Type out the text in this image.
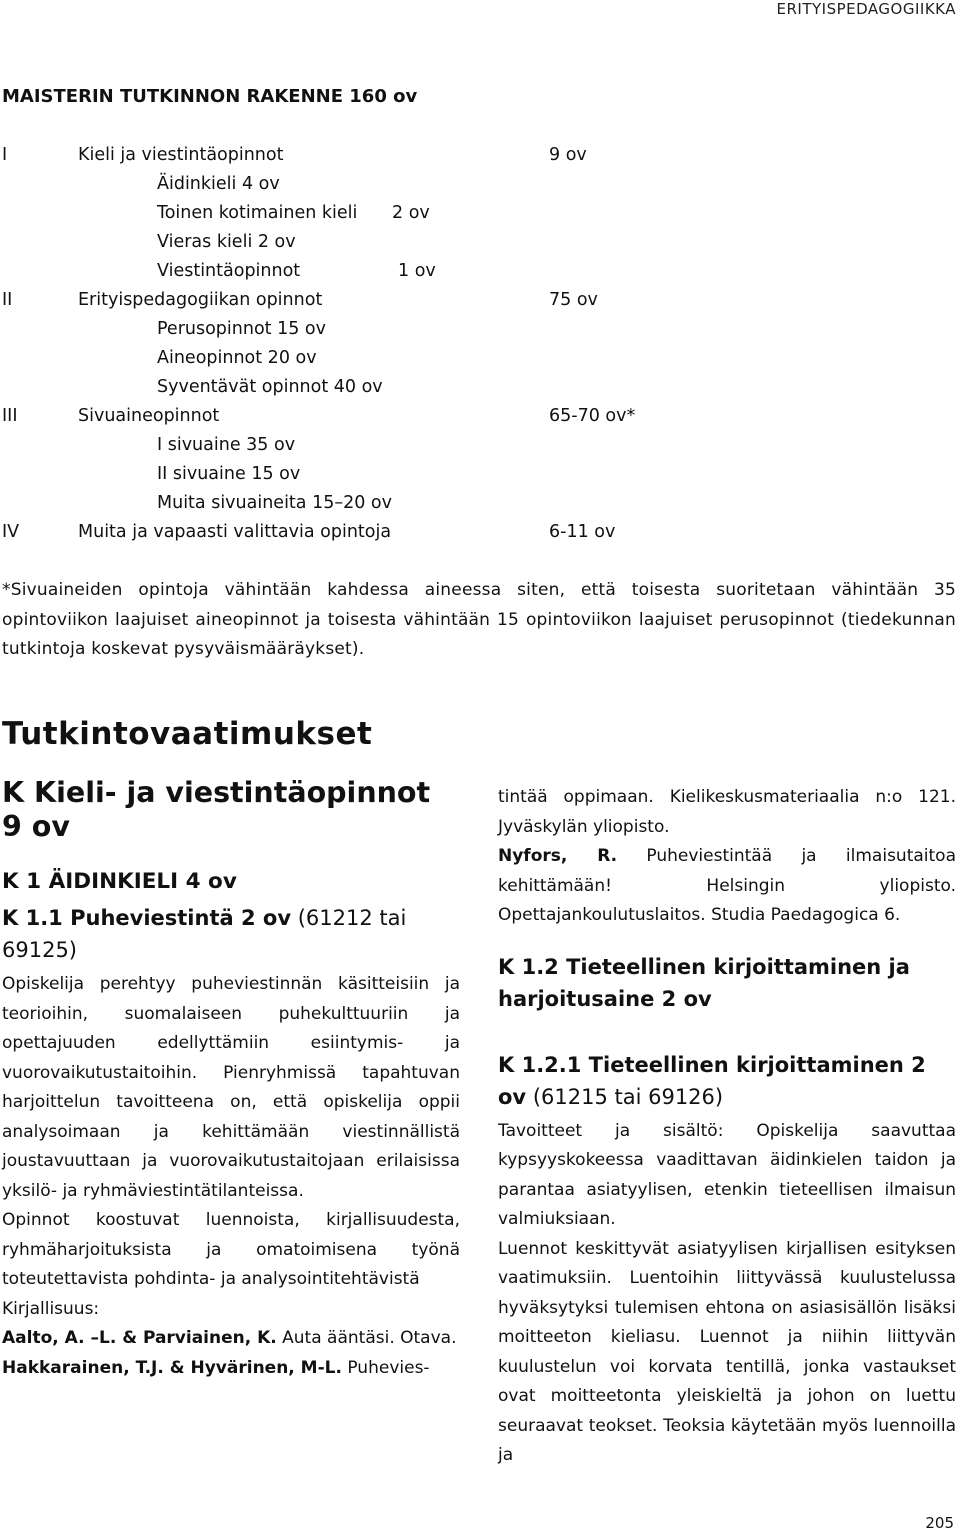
ERITYISPEDAGOGIIKKA
MAISTERIN TUTKINNON RAKENNE 160 ov
I	Kieli ja viestintäopinnot	9 ov
Äidinkieli 4 ov
Toinen kotimainen kieli 2 ov
Vieras kieli 2 ov
Viestintäopinnot	1 ov
II	Erityispedagogiikan opinnot	75 ov
Perusopinnot 15 ov
Aineopinnot 20 ov
Syventävät opinnot 40 ov
III	Sivuaineopinnot	65-70 ov*
I sivuaine 35 ov
II sivuaine 15 ov
Muita sivuaineita 15–20 ov
IV	Muita ja vapaasti valittavia opintoja	6-11 ov

*Sivuaineiden opintoja vähintään kahdessa aineessa siten, että toisesta suoritetaan vähintään 35 opintoviikon laajuiset aineopinnot ja toisesta vähintään 15 opintoviikon laajuiset perusopinnot (tiedekunnan tutkintoja koskevat pysyväismääräykset).

Tutkintovaatimukset
K Kieli- ja viestintäopinnot
9 ov
K 1 ÄIDINKIELI 4 ov
K 1.1 Puheviestintä 2 ov (61212 tai 69125)

Opiskelija perehtyy puheviestinnän käsitteisiin ja teorioihin, suomalaiseen puhekulttuuriin ja opettajuuden edellyttämiin esiintymis- ja vuorovaikutustaitoihin. Pienryhmissä tapahtuvan harjoittelun tavoitteena on, että opiskelija oppii analysoimaan ja kehittämään viestinnällistä joustavuuttaan ja vuorovaikutustaitojaan erilaisissa yksilö- ja ryhmäviestintätilanteissa.

Opinnot koostuvat luennoista, kirjallisuudesta, ryhmäharjoituksista ja omatoimisena työnä toteutettavista pohdinta- ja analysointitehtävistä

Kirjallisuus:

Aalto, A. –L. & Parviainen, K. Auta ääntäsi. Otava.

Hakkarainen, T.J. & Hyvärinen, M-L. Puhevies-

tintää oppimaan. Kielikeskusmateriaalia n:o 121. Jyväskylän yliopisto.

Nyfors, R. Puheviestintää ja ilmaisutaitoa kehittämään! Helsingin yliopisto. Opettajankoulutuslaitos. Studia Paedagogica 6.

K 1.2 Tieteellinen kirjoittaminen ja harjoitusaine 2 ov
K 1.2.1 Tieteellinen kirjoittaminen 2 ov (61215 tai 69126)

Tavoitteet ja sisältö: Opiskelija saavuttaa kypsyyskokeessa vaadittavan äidinkielen taidon ja parantaa asiatyylisen, etenkin tieteellisen ilmaisun valmiuksiaan.

Luennot keskittyvät asiatyylisen kirjallisen esityksen vaatimuksiin. Luentoihin liittyvässä kuulustelussa hyväksytyksi tulemisen ehtona on asiasisällön lisäksi moitteeton kieliasu. Luennot ja niihin liittyvän kuulustelun voi korvata tentillä, jonka vastaukset ovat moitteetonta yleiskieltä ja johon on luettu seuraavat teokset. Teoksia käytetään myös luennoilla ja

205
